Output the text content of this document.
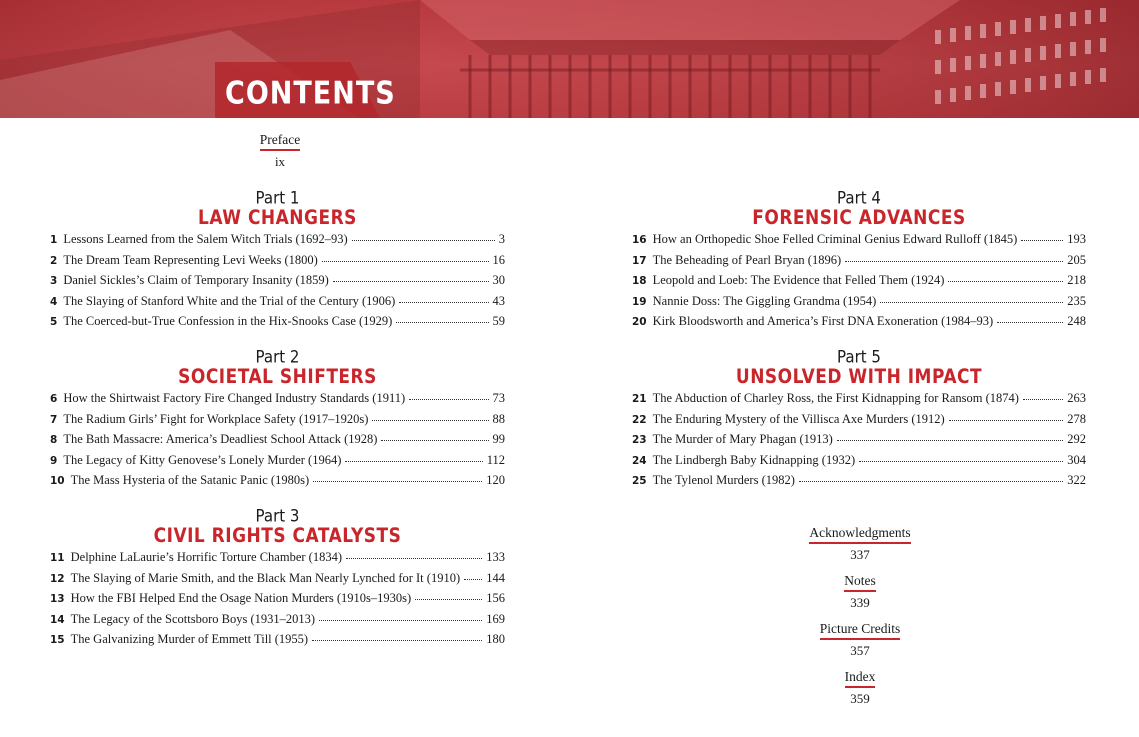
CONTENTS
Preface
ix
Part 1
LAW CHANGERS
1 Lessons Learned from the Salem Witch Trials (1692–93)	3
2 The Dream Team Representing Levi Weeks (1800)	16
3 Daniel Sickles’s Claim of Temporary Insanity (1859)	30
4 The Slaying of Stanford White and the Trial of the Century (1906)	43
5 The Coerced-but-True Confession in the Hix-Snooks Case (1929)	59
Part 2
SOCIETAL SHIFTERS
6 How the Shirtwaist Factory Fire Changed Industry Standards (1911)	73
7 The Radium Girls’ Fight for Workplace Safety (1917–1920s)	88
8 The Bath Massacre: America’s Deadliest School Attack (1928)	99
9 The Legacy of Kitty Genovese’s Lonely Murder (1964)	112
10 The Mass Hysteria of the Satanic Panic (1980s)	120
Part 3
CIVIL RIGHTS CATALYSTS
11 Delphine LaLaurie’s Horrific Torture Chamber (1834)	133
12 The Slaying of Marie Smith, and the Black Man Nearly Lynched for It (1910) 144
13 How the FBI Helped End the Osage Nation Murders (1910s–1930s)	156
14 The Legacy of the Scottsboro Boys (1931–2013)	169
15 The Galvanizing Murder of Emmett Till (1955)	180
Part 4
FORENSIC ADVANCES
16 How an Orthopedic Shoe Felled Criminal Genius Edward Rulloff (1845)	193
17 The Beheading of Pearl Bryan (1896)	205
18 Leopold and Loeb: The Evidence that Felled Them (1924)	218
19 Nannie Doss: The Giggling Grandma (1954)	235
20 Kirk Bloodsworth and America’s First DNA Exoneration (1984–93)	248
Part 5
UNSOLVED WITH IMPACT
21 The Abduction of Charley Ross, the First Kidnapping for Ransom (1874)	263
22 The Enduring Mystery of the Villisca Axe Murders (1912)	278
23 The Murder of Mary Phagan (1913)	292
24 The Lindbergh Baby Kidnapping (1932)	304
25 The Tylenol Murders (1982)	322
Acknowledgments
337
Notes
339
Picture Credits
357
Index
359
